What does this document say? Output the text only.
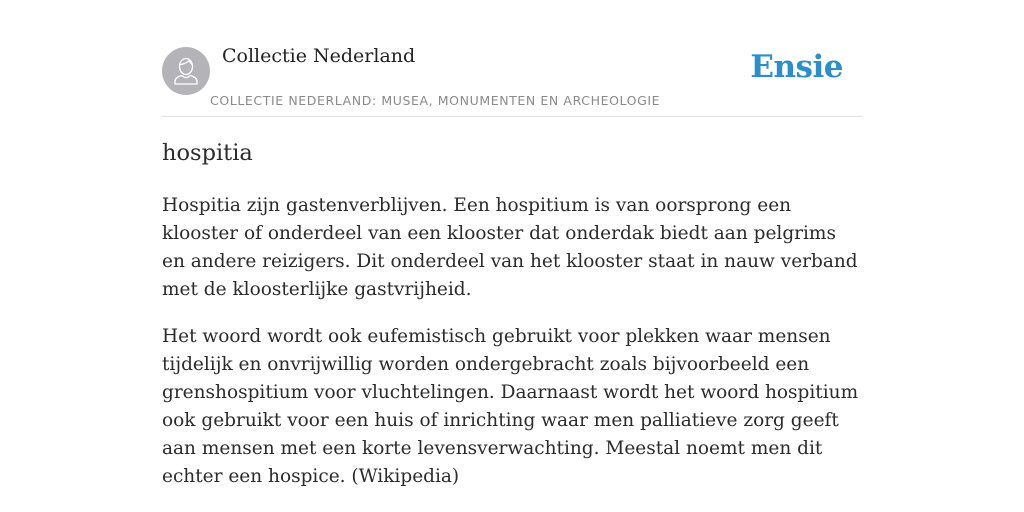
Collectie Nederland
COLLECTIE NEDERLAND: MUSEA, MONUMENTEN EN ARCHEOLOGIE
Ensie
hospitia

Hospitia zijn gastenverblijven. Een hospitium is van oorsprong een klooster of onderdeel van een klooster dat onderdak biedt aan pelgrims en andere reizigers. Dit onderdeel van het klooster staat in nauw verband met de kloosterlijke gastvrijheid.

Het woord wordt ook eufemistisch gebruikt voor plekken waar mensen tijdelijk en onvrijwillig worden ondergebracht zoals bijvoorbeeld een grenshospitium voor vluchtelingen. Daarnaast wordt het woord hospitium ook gebruikt voor een huis of inrichting waar men palliatieve zorg geeft aan mensen met een korte levensverwachting. Meestal noemt men dit echter een hospice. (Wikipedia)
